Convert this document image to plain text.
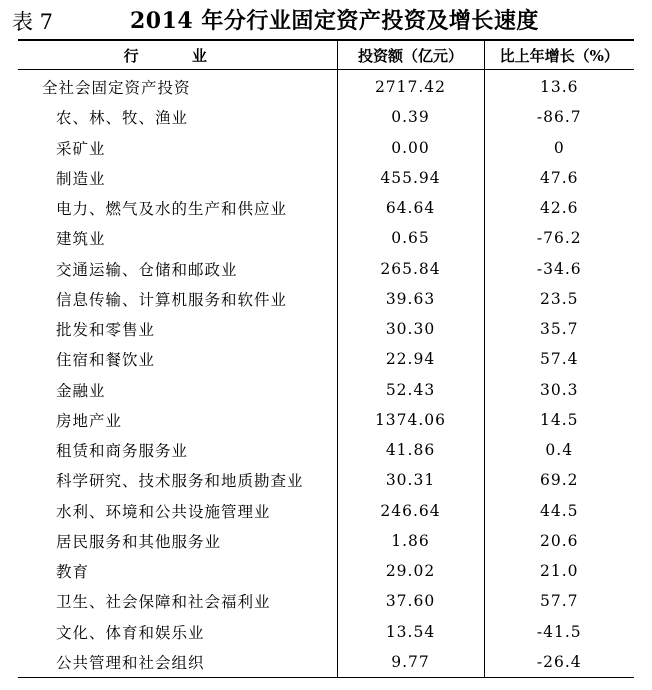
表 7	2014 年分行业固定资产投资及增长速度
行 业	投资额（亿元）	比上年增长（%）
全社会固定资产投资	2717.42	13.6
农、林、牧、渔业	0.39	-86.7
采矿业	0.00	0
制造业	455.94	47.6
电力、燃气及水的生产和供应业	64.64	42.6
建筑业	0.65	-76.2
交通运输、仓储和邮政业	265.84	-34.6
信息传输、计算机服务和软件业	39.63	23.5
批发和零售业	30.30	35.7
住宿和餐饮业	22.94	57.4
金融业	52.43	30.3
房地产业	1374.06	14.5
租赁和商务服务业	41.86	0.4
科学研究、技术服务和地质勘查业	30.31	69.2
水利、环境和公共设施管理业	246.64	44.5
居民服务和其他服务业	1.86	20.6
教育	29.02	21.0
卫生、社会保障和社会福利业	37.60	57.7
文化、体育和娱乐业	13.54	-41.5
公共管理和社会组织	9.77	-26.4
